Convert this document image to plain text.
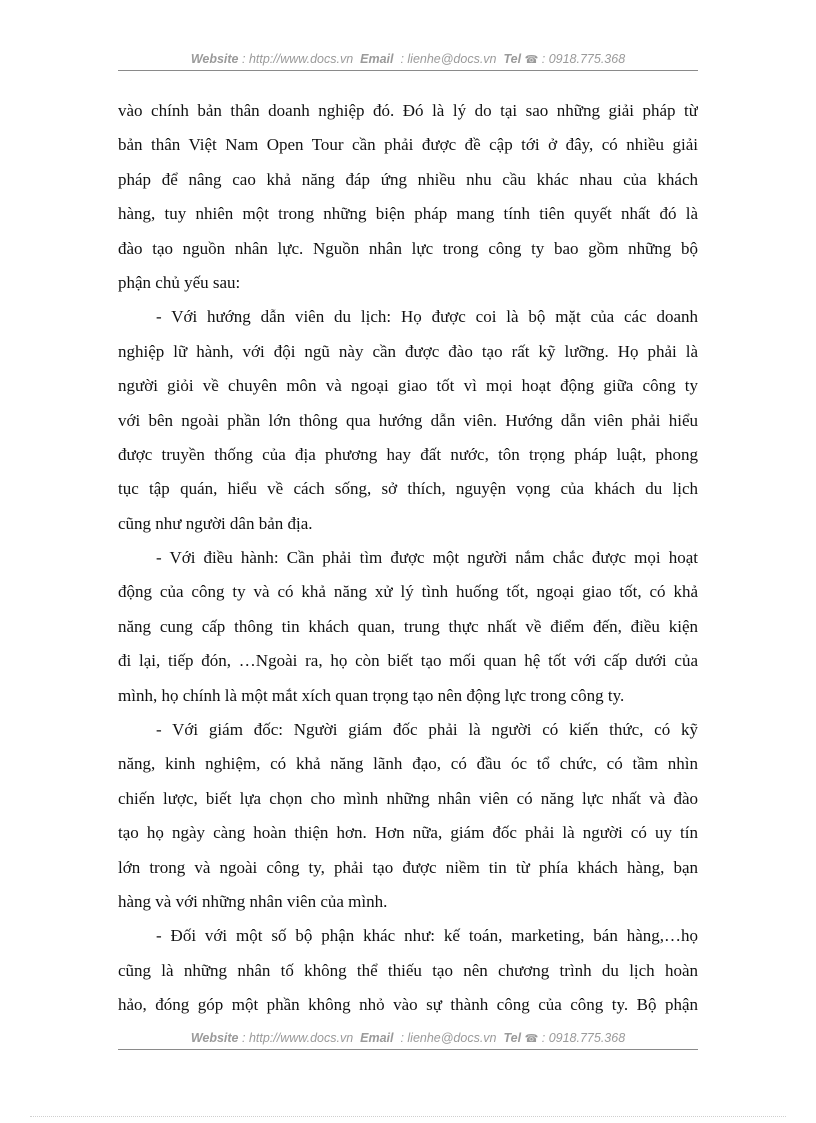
Website : http://www.docs.vn Email : lienhe@docs.vn Tel ☎ : 0918.775.368
vào chính bản thân doanh nghiệp đó. Đó là lý do tại sao những giải pháp từ
bản thân Việt Nam Open Tour cần phải được đề cập tới ở đây, có nhiều giải
pháp để nâng cao khả năng đáp ứng nhiều nhu cầu khác nhau của khách
hàng, tuy nhiên một trong những biện pháp mang tính tiên quyết nhất đó là
đào tạo nguồn nhân lực. Nguồn nhân lực trong công ty bao gồm những bộ
phận chủ yếu sau:
- Với hướng dẫn viên du lịch: Họ được coi là bộ mặt của các doanh
nghiệp lữ hành, với đội ngũ này cần được đào tạo rất kỹ lưỡng. Họ phải là
người giỏi về chuyên môn và ngoại giao tốt vì mọi hoạt động giữa công ty
với bên ngoài phần lớn thông qua hướng dẫn viên. Hướng dẫn viên phải hiểu
được truyền thống của địa phương hay đất nước, tôn trọng pháp luật, phong
tục tập quán, hiểu về cách sống, sở thích, nguyện vọng của khách du lịch
cũng như người dân bản địa.
- Với điều hành: Cần phải tìm được một người nắm chắc được mọi hoạt
động của công ty và có khả năng xử lý tình huống tốt, ngoại giao tốt, có khả
năng cung cấp thông tin khách quan, trung thực nhất về điểm đến, điều kiện
đi lại, tiếp đón, …Ngoài ra, họ còn biết tạo mối quan hệ tốt với cấp dưới của
mình, họ chính là một mắt xích quan trọng tạo nên động lực trong công ty.
- Với giám đốc: Người giám đốc phải là người có kiến thức, có kỹ
năng, kinh nghiệm, có khả năng lãnh đạo, có đầu óc tổ chức, có tầm nhìn
chiến lược, biết lựa chọn cho mình những nhân viên có năng lực nhất và đào
tạo họ ngày càng hoàn thiện hơn. Hơn nữa, giám đốc phải là người có uy tín
lớn trong và ngoài công ty, phải tạo được niềm tin từ phía khách hàng, bạn
hàng và với những nhân viên của mình.
- Đối với một số bộ phận khác như: kế toán, marketing, bán hàng,…họ
cũng là những nhân tố không thể thiếu tạo nên chương trình du lịch hoàn
hảo, đóng góp một phần không nhỏ vào sự thành công của công ty. Bộ phận
Website : http://www.docs.vn Email : lienhe@docs.vn Tel ☎ : 0918.775.368
